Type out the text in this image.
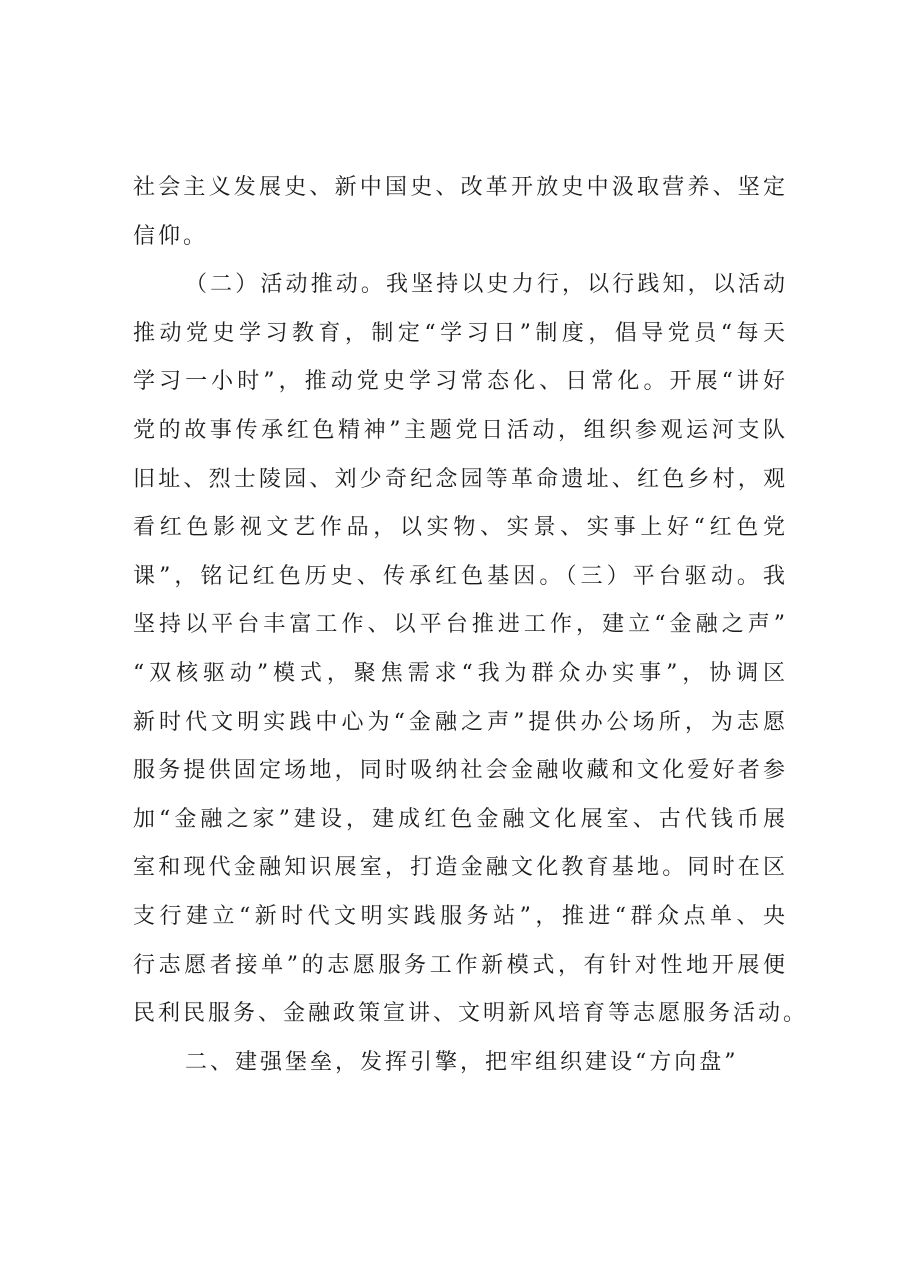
社会主义发展史、新中国史、改革开放史中汲取营养、坚定
信仰。
（二）活动推动。我坚持以史力行，以行践知，以活动
推动党史学习教育，制定“学习日”制度，倡导党员“每天
学习一小时”，推动党史学习常态化、日常化。开展“讲好
党的故事传承红色精神”主题党日活动，组织参观运河支队
旧址、烈士陵园、刘少奇纪念园等革命遗址、红色乡村，观
看红色影视文艺作品，以实物、实景、实事上好“红色党
课”，铭记红色历史、传承红色基因。（三）平台驱动。我
坚持以平台丰富工作、以平台推进工作，建立“金融之声”
“双核驱动”模式，聚焦需求“我为群众办实事”，协调区
新时代文明实践中心为“金融之声”提供办公场所，为志愿
服务提供固定场地，同时吸纳社会金融收藏和文化爱好者参
加“金融之家”建设，建成红色金融文化展室、古代钱币展
室和现代金融知识展室，打造金融文化教育基地。同时在区
支行建立“新时代文明实践服务站”，推进“群众点单、央
行志愿者接单”的志愿服务工作新模式，有针对性地开展便
民利民服务、金融政策宣讲、文明新风培育等志愿服务活动。
二、建强堡垒，发挥引擎，把牢组织建设“方向盘”
